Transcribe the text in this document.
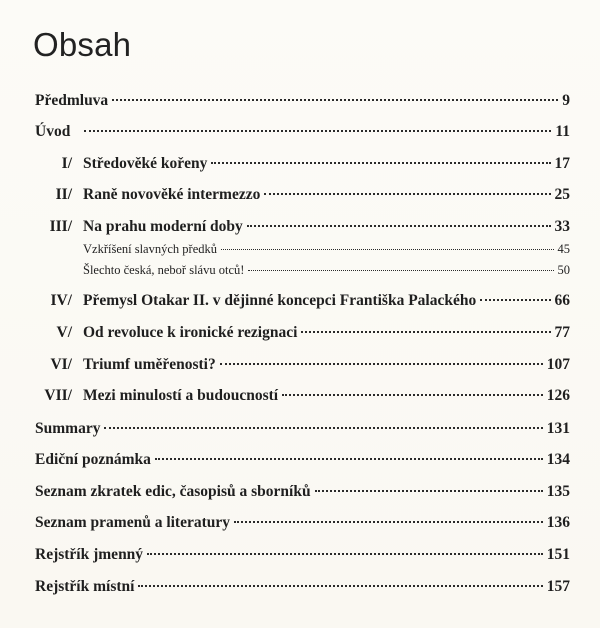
Obsah
Předmluva	9
Úvod	11
I/ Středověké kořeny	17
II/ Raně novověké intermezzo	25
III/ Na prahu moderní doby	33
Vzkříšení slavných předků	45
Šlechto česká, neboř slávu otců!	50
IV/ Přemysl Otakar II. v dějinné koncepci Františka Palackého	66
V/ Od revoluce k ironické rezignaci	77
VI/ Triumf uměřenosti?	107
VII/ Mezi minulostí a budoucností	126
Summary	131
Ediční poznámka	134
Seznam zkratek edic, časopisů a sborníků	135
Seznam pramenů a literatury	136
Rejstřík jmenný	151
Rejstřík místní	157
